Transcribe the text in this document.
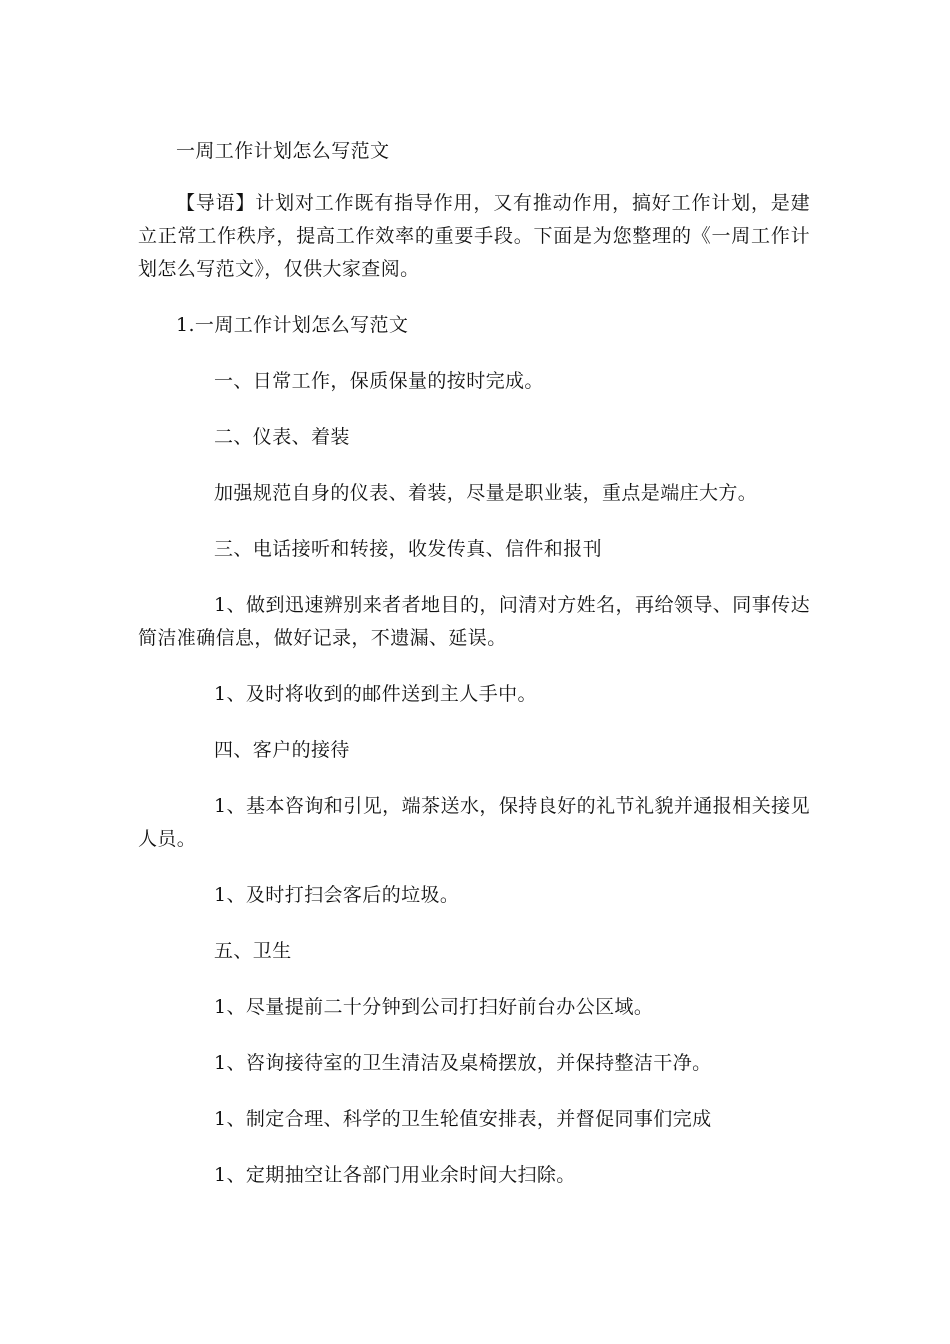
一周工作计划怎么写范文

【导语】计划对工作既有指导作用，又有推动作用，搞好工作计划，是建立正常工作秩序，提高工作效率的重要手段。下面是为您整理的《一周工作计划怎么写范文》，仅供大家查阅。

1.一周工作计划怎么写范文

一、日常工作，保质保量的按时完成。

二、仪表、着装

加强规范自身的仪表、着装，尽量是职业装，重点是端庄大方。

三、电话接听和转接，收发传真、信件和报刊

1、做到迅速辨别来者者地目的，问清对方姓名，再给领导、同事传达简洁准确信息，做好记录，不遗漏、延误。

1、及时将收到的邮件送到主人手中。

四、客户的接待

1、基本咨询和引见，端茶送水，保持良好的礼节礼貌并通报相关接见人员。

1、及时打扫会客后的垃圾。

五、卫生

1、尽量提前二十分钟到公司打扫好前台办公区域。

1、咨询接待室的卫生清洁及桌椅摆放，并保持整洁干净。

1、制定合理、科学的卫生轮值安排表，并督促同事们完成

1、定期抽空让各部门用业余时间大扫除。
